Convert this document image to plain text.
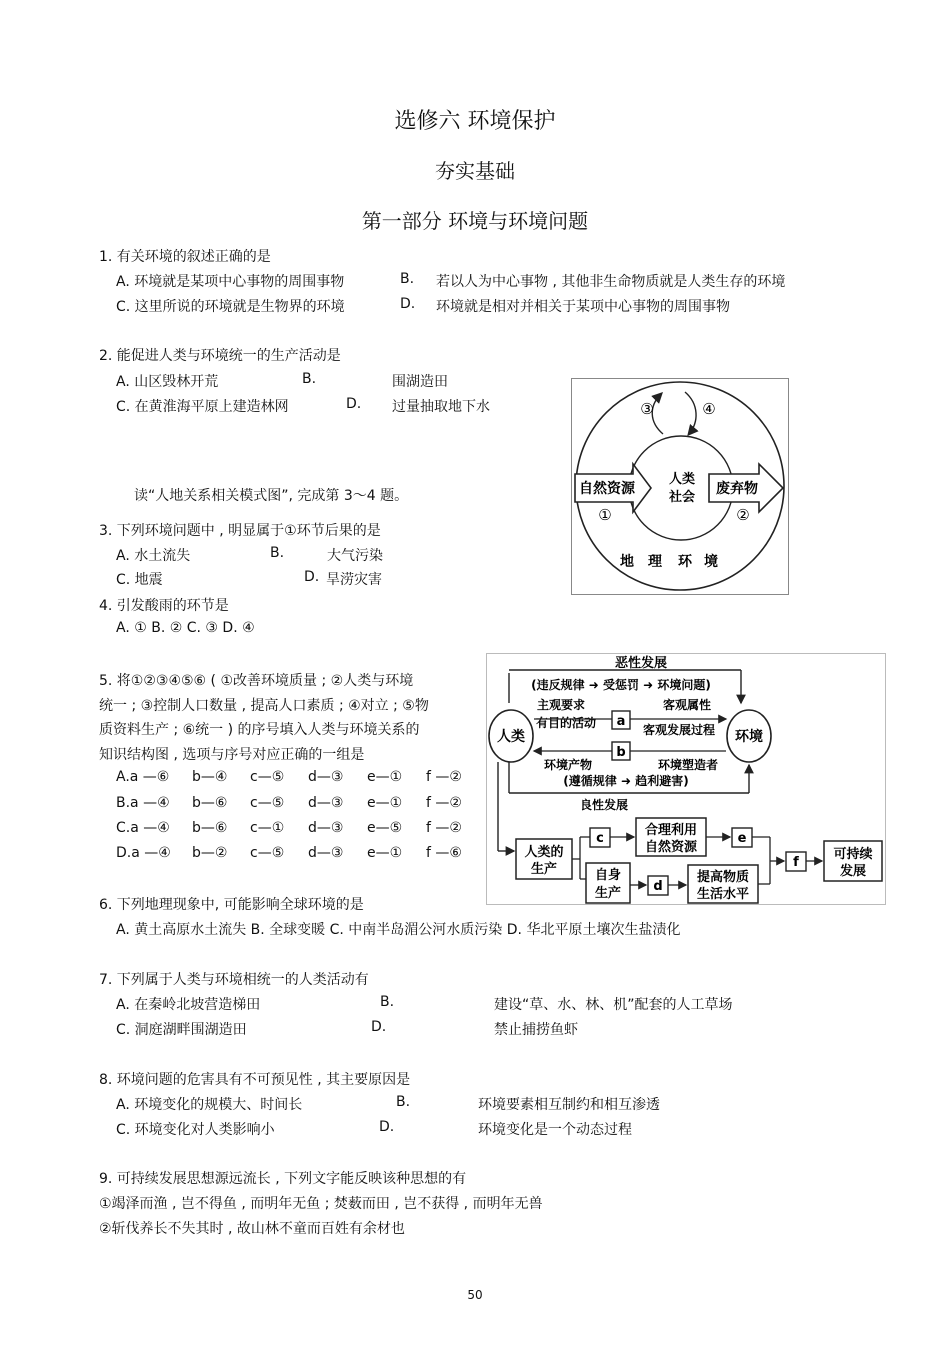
选修六 环境保护
夯实基础
第一部分 环境与环境问题
1. 有关环境的叙述正确的是
A. 环境就是某项中心事物的周围事物	B. 若以人为中心事物 , 其他非生命物质就是人类生存的环境
C. 这里所说的环境就是生物界的环境	D. 环境就是相对并相关于某项中心事物的周围事物
2. 能促进人类与环境统一的生产活动是
A. 山区毁林开荒	B.	围湖造田
C. 在黄淮海平原上建造林网	D. 过量抽取地下水
读“人地关系相关模式图”, 完成第 3～4 题。
3. 下列环境问题中 , 明显属于①环节后果的是
A. 水土流失	B.	大气污染
C. 地震	D. 旱涝灾害
4. 引发酸雨的环节是
A. ① B. ② C. ③ D. ④
5. 将①②③④⑤⑥ ( ①改善环境质量 ; ②人类与环境
统一 ; ③控制人口数量 , 提高人口素质 ; ④对立 ; ⑤物
质资料生产 ; ⑥统一 ) 的序号填入人类与环境关系的
知识结构图 , 选项与序号对应正确的一组是
A.a —⑥ b—④ c—⑤ d—③ e—① f —②
B.a —④ b—⑥ c—⑤ d—③ e—① f —②
C.a —④ b—⑥ c—① d—③ e—⑤ f —②
D.a —④ b—② c—⑤ d—③ e—① f —⑥
6. 下列地理现象中, 可能影响全球环境的是
A. 黄土高原水土流失 B. 全球变暖 C. 中南半岛湄公河水质污染 D. 华北平原土壤次生盐渍化
7. 下列属于人类与环境相统一的人类活动有
A. 在秦岭北坡营造梯田	B.	建设“草、水、林、机”配套的人工草场
C. 洞庭湖畔围湖造田	D.	禁止捕捞鱼虾
8. 环境问题的危害具有不可预见性 , 其主要原因是
A. 环境变化的规模大、时间长	B.	环境要素相互制约和相互渗透
C. 环境变化对人类影响小	D.	环境变化是一个动态过程
9. 可持续发展思想源远流长 , 下列文字能反映该种思想的有
①竭泽而渔 , 岂不得鱼 , 而明年无鱼 ; 焚薮而田 , 岂不获得 , 而明年无兽
②斩伐养长不失其时 , 故山林不童而百姓有余材也
50
③	④
自然资源	废弃物
人类
社会
①	②
地 理 环 境
恶性发展
(违反规律 ➜ 受惩罚 ➜ 环境问题)
人类	环境
主观要求	客观属性
有目的活动	客观发展过程
a
b
环境产物	环境塑造者
(遵循规律 ➜ 趋利避害)
良性发展
人类的
生产
c
合理利用
自然资源
e
自身
生产 d
提高物质
生活水平
f
可持续
发展
